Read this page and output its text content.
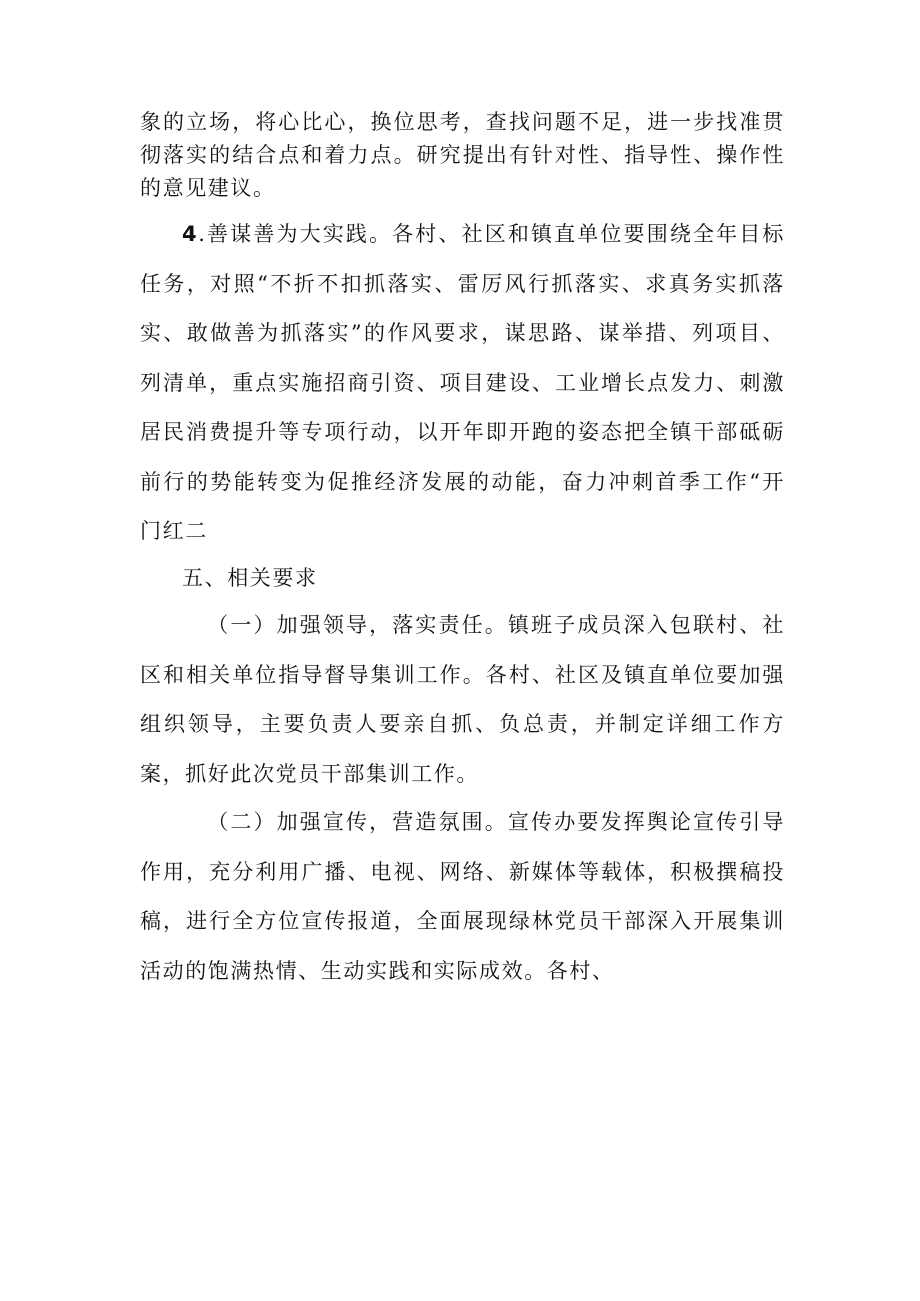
象的立场，将心比心，换位思考，查找问题不足，进一步找准贯彻落实的结合点和着力点。研究提出有针对性、指导性、操作性的意见建议。

4.善谋善为大实践。各村、社区和镇直单位要围绕全年目标任务，对照“不折不扣抓落实、雷厉风行抓落实、求真务实抓落实、敢做善为抓落实”的作风要求，谋思路、谋举措、列项目、列清单，重点实施招商引资、项目建设、工业增长点发力、刺激居民消费提升等专项行动，以开年即开跑的姿态把全镇干部砥砺前行的势能转变为促推经济发展的动能，奋力冲刺首季工作“开门红二

五、相关要求

（一）加强领导，落实责任。镇班子成员深入包联村、社区和相关单位指导督导集训工作。各村、社区及镇直单位要加强组织领导，主要负责人要亲自抓、负总责，并制定详细工作方案，抓好此次党员干部集训工作。

（二）加强宣传，营造氛围。宣传办要发挥舆论宣传引导作用，充分利用广播、电视、网络、新媒体等载体，积极撰稿投稿，进行全方位宣传报道，全面展现绿林党员干部深入开展集训活动的饱满热情、生动实践和实际成效。各村、
